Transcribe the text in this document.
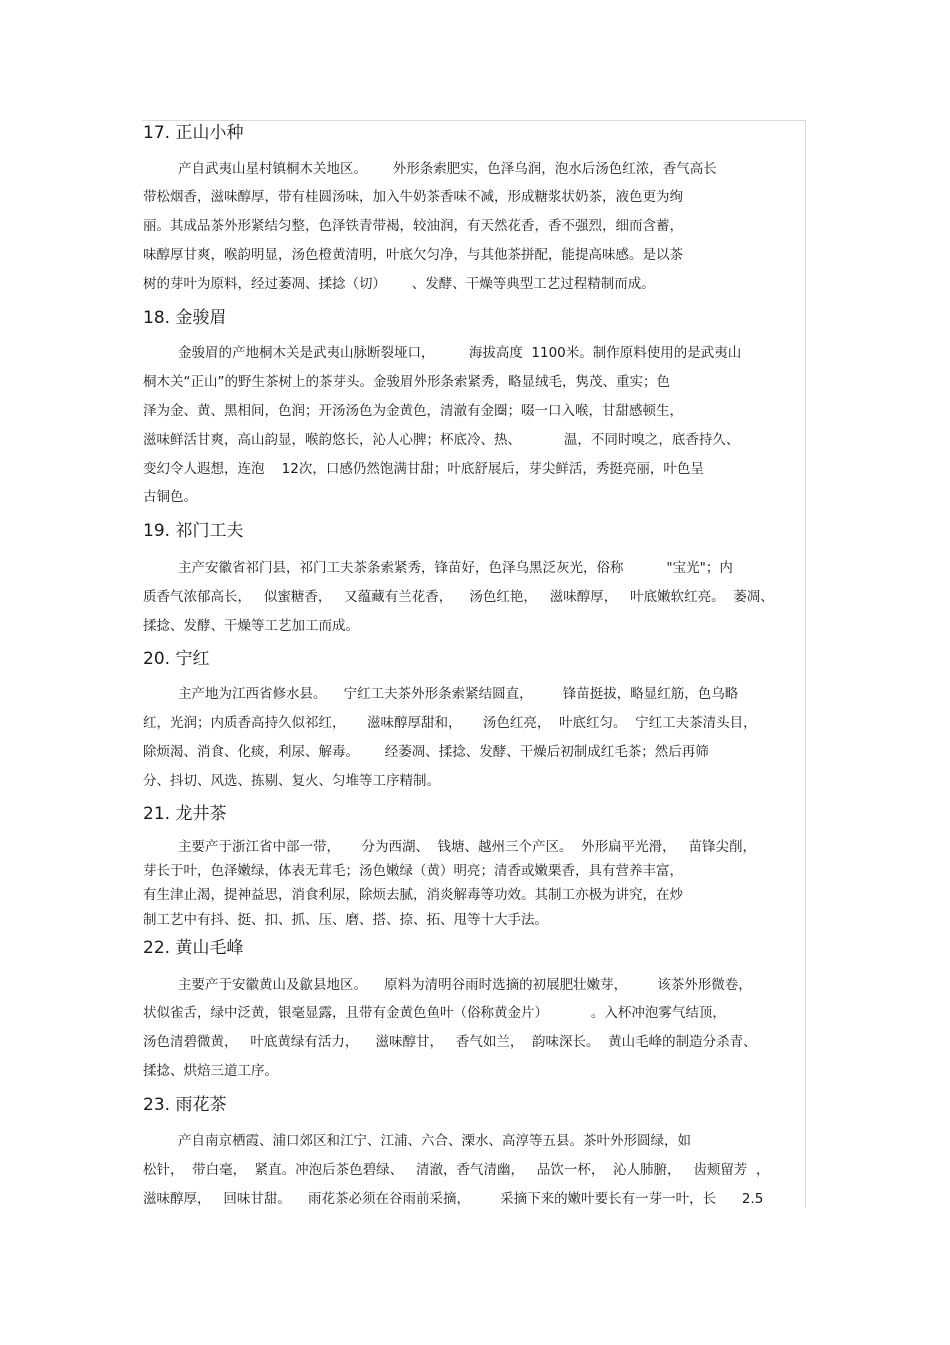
17. 正山小种
产自武夷山星村镇桐木关地区。      外形条索肥实，色泽乌润，泡水后汤色红浓，香气高长
带松烟香，滋味醇厚，带有桂圆汤味，加入牛奶茶香味不减，形成糖浆状奶茶，液色更为绚
丽。其成品茶外形紧结匀整，色泽铁青带褐，较油润，有天然花香，香不强烈，细而含蓄，
味醇厚甘爽，喉韵明显，汤色橙黄清明，叶底欠匀净，与其他茶拼配，能提高味感。是以茶
树的芽叶为原料，经过萎凋、揉捻（切）      、发酵、干燥等典型工艺过程精制而成。
18. 金骏眉
金骏眉的产地桐木关是武夷山脉断裂垭口，        海拔高度  1100米。制作原料使用的是武夷山
桐木关“正山”的野生茶树上的茶芽头。金骏眉外形条索紧秀，略显绒毛，隽茂、重实；色
泽为金、黄、黑相间，色润；开汤汤色为金黄色，清澈有金圈；啜一口入喉，甘甜感顿生，
滋味鲜活甘爽，高山韵显，喉韵悠长，沁人心脾；杯底冷、热、          温，不同时嗅之，底香持久、
变幻令人遐想，连泡    12次，口感仍然饱满甘甜；叶底舒展后，芽尖鲜活，秀挺亮丽，叶色呈
古铜色。
19. 祁门工夫
主产安徽省祁门县，祁门工夫茶条索紧秀，锋苗好，色泽乌黑泛灰光，俗称          "宝光"；内
质香气浓郁高长，   似蜜糖香，   又蕴藏有兰花香，    汤色红艳，   滋味醇厚，   叶底嫩软红亮。  萎凋、
揉捻、发酵、干燥等工艺加工而成。
20. 宁红
主产地为江西省修水县。    宁红工夫茶外形条索紧结圆直，       锋苗挺拔，略显红筋，色乌略
红，光润；内质香高持久似祁红，     滋味醇厚甜和，     汤色红亮，  叶底红匀。  宁红工夫茶清头目，
除烦渴、消食、化痰，利尿、解毒。      经萎凋、揉捻、发酵、干燥后初制成红毛茶；然后再筛
分、抖切、风选、拣剔、复火、匀堆等工序精制。
21. 龙井茶
主要产于浙江省中部一带，     分为西湖、  钱塘、越州三个产区。  外形扁平光滑，   苗锋尖削，
芽长于叶，色泽嫩绿，体表无茸毛；汤色嫩绿（黄）明亮；清香或嫩栗香，具有营养丰富，
有生津止渴，提神益思，消食利尿，除烦去腻，消炎解毒等功效。其制工亦极为讲究，在炒
制工艺中有抖、挺、扣、抓、压、磨、搭、捺、拓、甩等十大手法。
22. 黄山毛峰
主要产于安徽黄山及歙县地区。    原料为清明谷雨时选摘的初展肥壮嫩芽，       该茶外形微卷，
状似雀舌，绿中泛黄，银毫显露，且带有金黄色鱼叶（俗称黄金片）          。入杯冲泡雾气结顶，
汤色清碧微黄，   叶底黄绿有活力，    滋味醇甘，   香气如兰，  韵味深长。  黄山毛峰的制造分杀青、
揉捻、烘焙三道工序。
23. 雨花茶
产自南京栖霞、浦口郊区和江宁、江浦、六合、溧水、高淳等五县。茶叶外形圆绿，如
松针，  带白毫，  紧直。冲泡后茶色碧绿、   清澈，香气清幽，   品饮一杯，  沁人肺腑，   齿颊留芳  ，
滋味醇厚，   回味甘甜。    雨花茶必须在谷雨前采摘，       采摘下来的嫩叶要长有一芽一叶，长      2.5
